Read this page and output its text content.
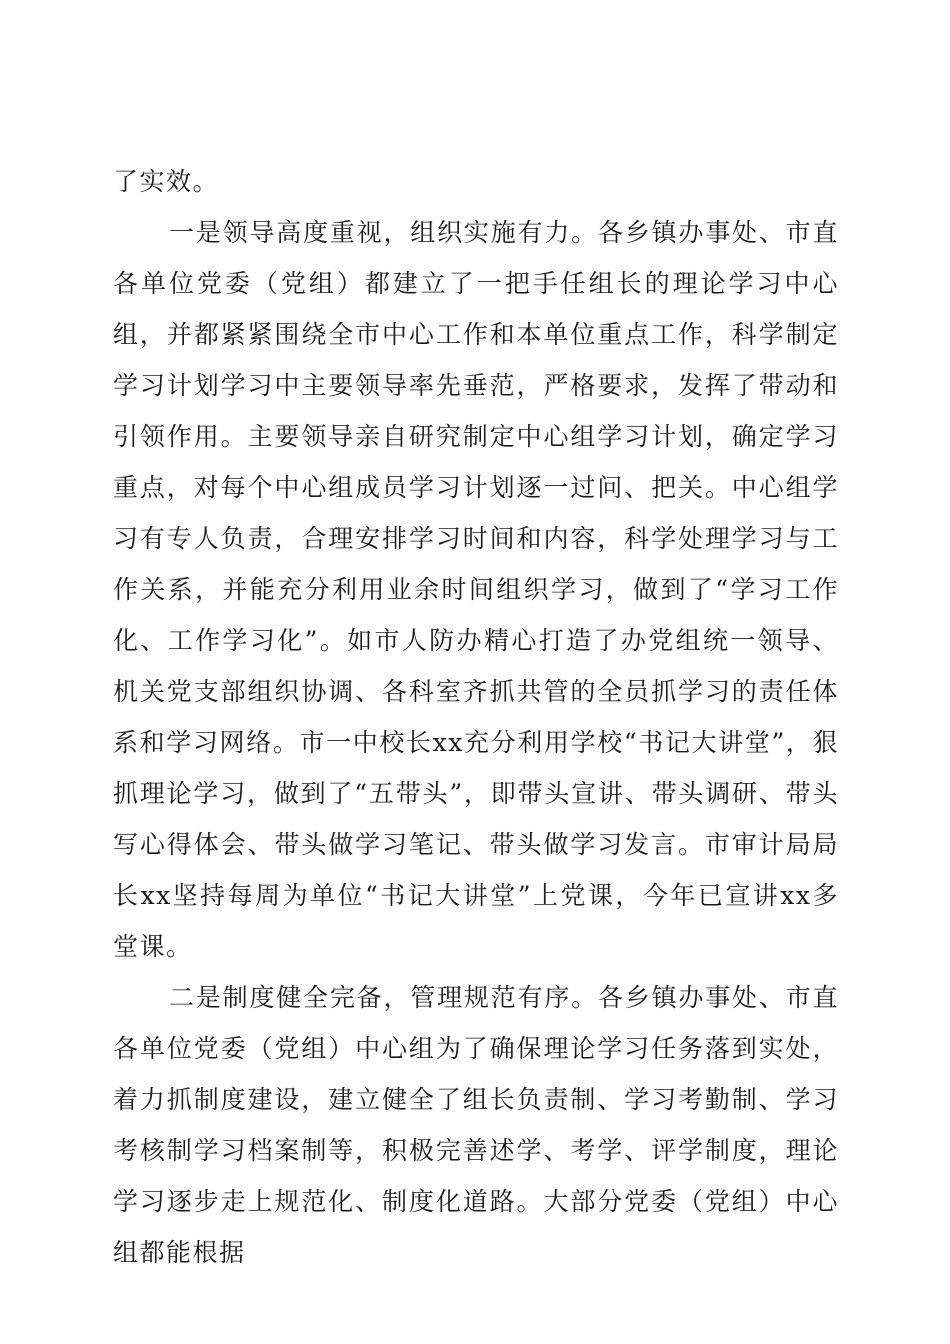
了实效。

一是领导高度重视，组织实施有力。各乡镇办事处、市直各单位党委（党组）都建立了一把手任组长的理论学习中心组，并都紧紧围绕全市中心工作和本单位重点工作，科学制定学习计划学习中主要领导率先垂范，严格要求，发挥了带动和引领作用。主要领导亲自研究制定中心组学习计划，确定学习重点，对每个中心组成员学习计划逐一过问、把关。中心组学习有专人负责，合理安排学习时间和内容，科学处理学习与工作关系，并能充分利用业余时间组织学习，做到了“学习工作化、工作学习化”。如市人防办精心打造了办党组统一领导、机关党支部组织协调、各科室齐抓共管的全员抓学习的责任体系和学习网络。市一中校长xx充分利用学校“书记大讲堂”，狠抓理论学习，做到了“五带头”，即带头宣讲、带头调研、带头写心得体会、带头做学习笔记、带头做学习发言。市审计局局长xx坚持每周为单位“书记大讲堂”上党课，今年已宣讲xx多堂课。

二是制度健全完备，管理规范有序。各乡镇办事处、市直各单位党委（党组）中心组为了确保理论学习任务落到实处，着力抓制度建设，建立健全了组长负责制、学习考勤制、学习考核制学习档案制等，积极完善述学、考学、评学制度，理论学习逐步走上规范化、制度化道路。大部分党委（党组）中心组都能根据
